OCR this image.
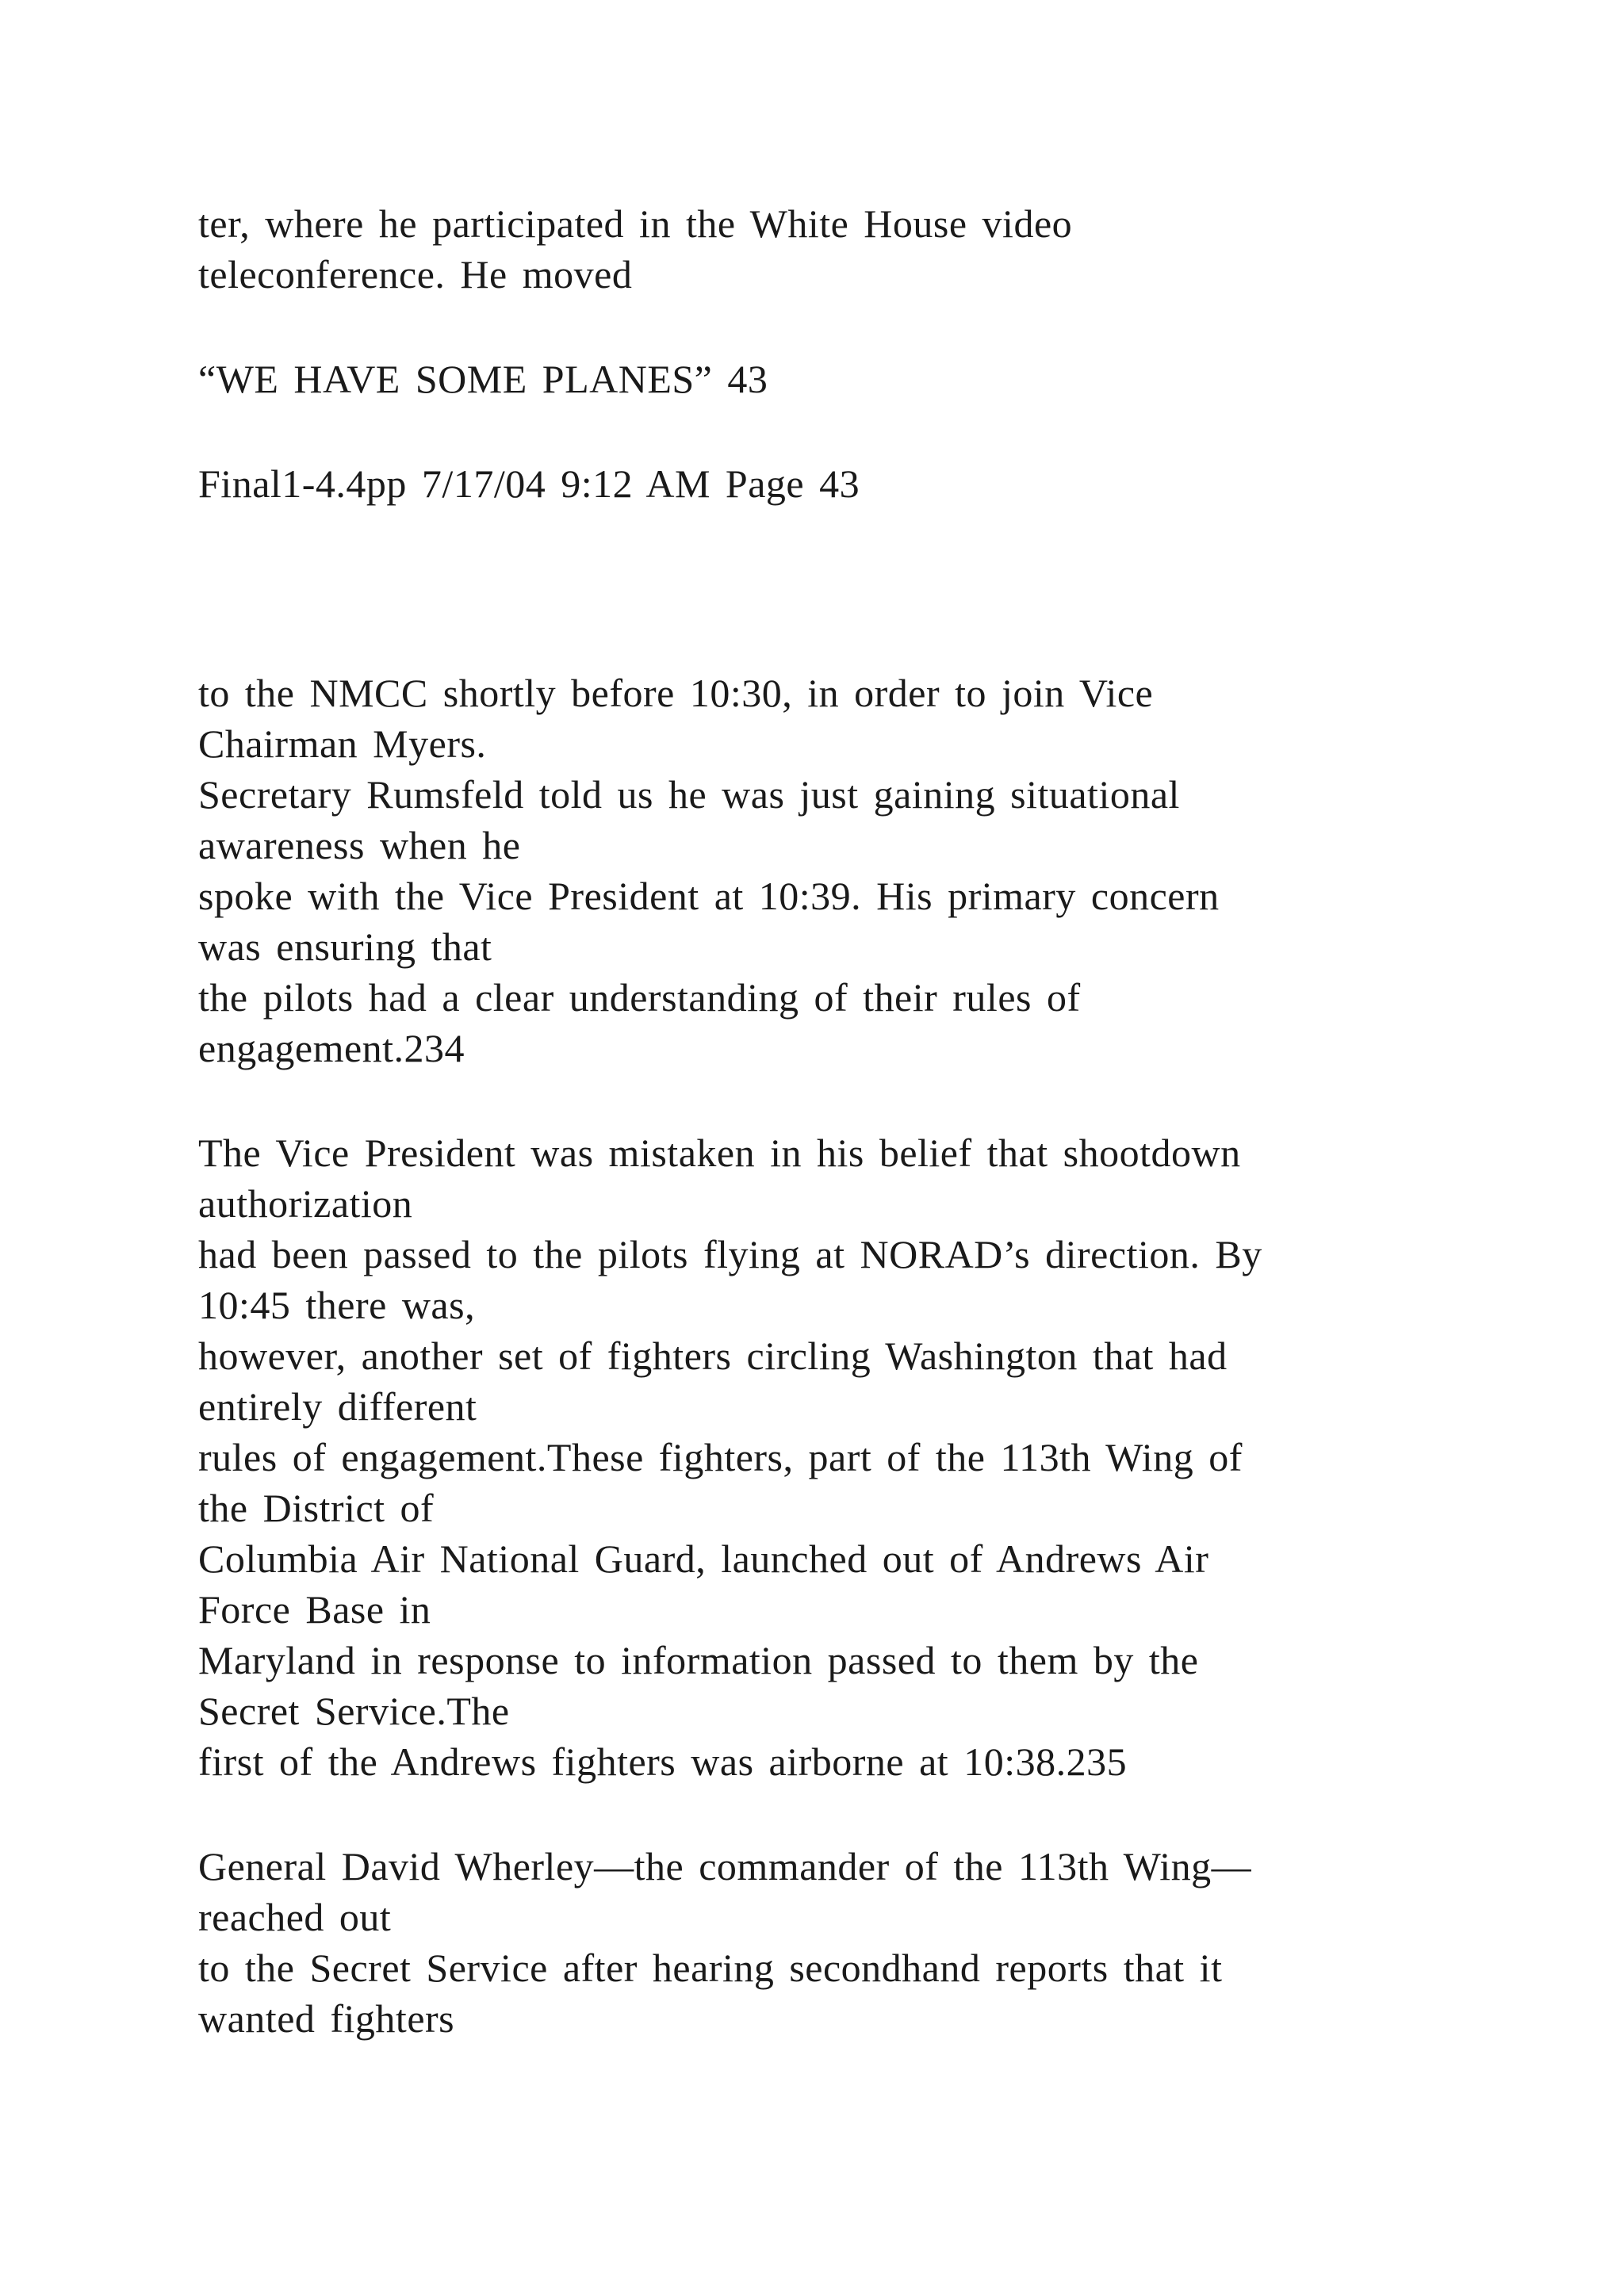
ter, where he participated in the White House video
teleconference. He moved
“WE HAVE SOME PLANES” 43
Final1-4.4pp 7/17/04 9:12 AM Page 43
to the NMCC shortly before 10:30, in order to join Vice
Chairman Myers.
Secretary Rumsfeld told us he was just gaining situational
awareness when he
spoke with the Vice President at 10:39. His primary concern
was ensuring that
the pilots had a clear understanding of their rules of
engagement.234
The Vice President was mistaken in his belief that shootdown
authorization
had been passed to the pilots flying at NORAD’s direction. By
10:45 there was,
however, another set of fighters circling Washington that had
entirely different
rules of engagement.These fighters, part of the 113th Wing of
the District of
Columbia Air National Guard, launched out of Andrews Air
Force Base in
Maryland in response to information passed to them by the
Secret Service.The
first of the Andrews fighters was airborne at 10:38.235
General David Wherley—the commander of the 113th Wing—
reached out
to the Secret Service after hearing secondhand reports that it
wanted fighters
